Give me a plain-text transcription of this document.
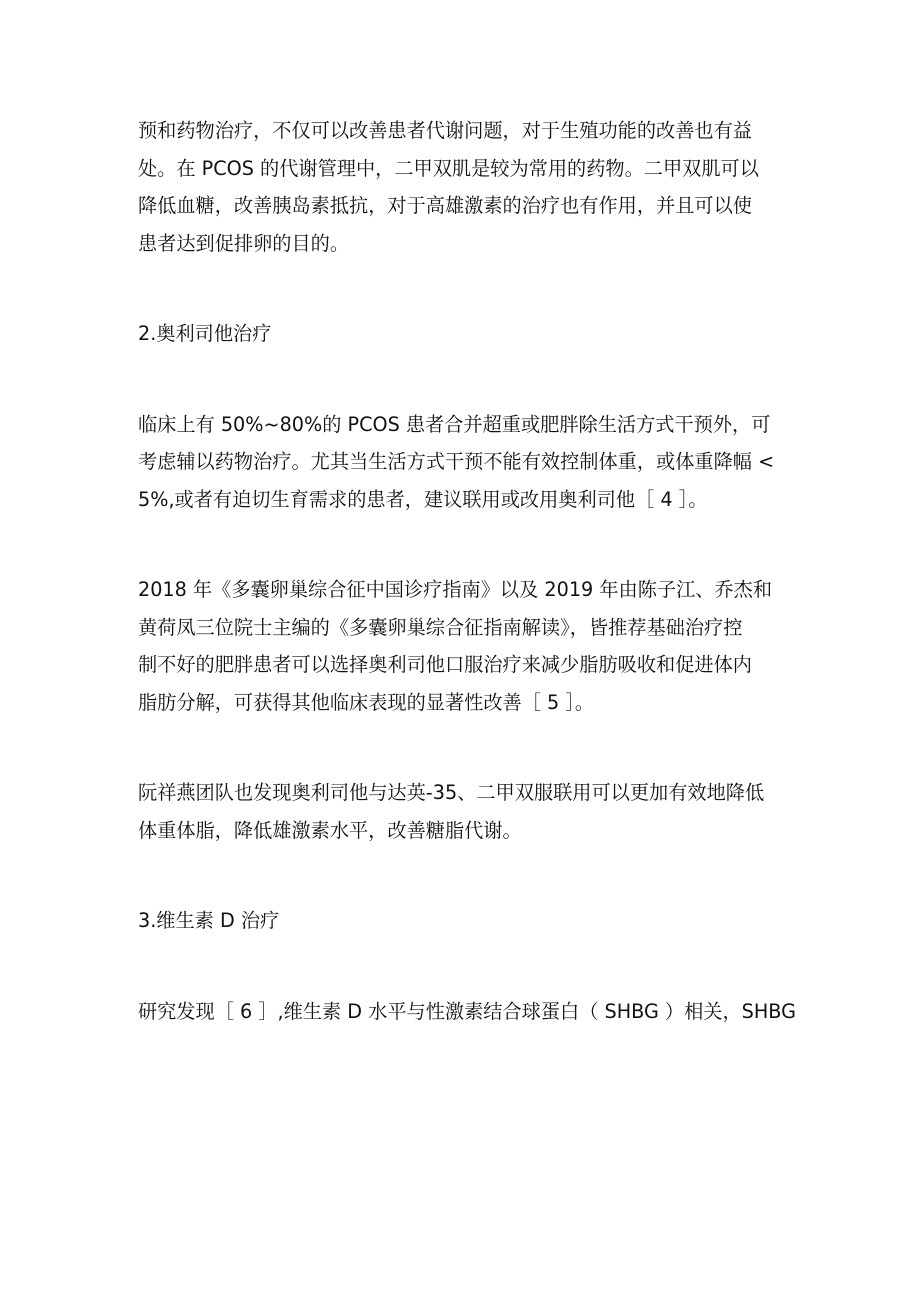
预和药物治疗，不仅可以改善患者代谢问题，对于生殖功能的改善也有益
处。在 PCOS 的代谢管理中，二甲双肌是较为常用的药物。二甲双肌可以
降低血糖，改善胰岛素抵抗，对于高雄激素的治疗也有作用，并且可以使
患者达到促排卵的目的。

2.奥利司他治疗

临床上有 50%~80%的 PCOS 患者合并超重或肥胖除生活方式干预外，可
考虑辅以药物治疗。尤其当生活方式干预不能有效控制体重，或体重降幅 <
5%,或者有迫切生育需求的患者，建议联用或改用奥利司他［ 4 ］。

2018 年《多囊卵巢综合征中国诊疗指南》以及 2019 年由陈子江、乔杰和
黄荷凤三位院士主编的《多囊卵巢综合征指南解读》，皆推荐基础治疗控
制不好的肥胖患者可以选择奥利司他口服治疗来减少脂肪吸收和促进体内
脂肪分解，可获得其他临床表现的显著性改善［ 5 ］。

阮祥燕团队也发现奥利司他与达英-35、二甲双服联用可以更加有效地降低
体重体脂，降低雄激素水平，改善糖脂代谢。

3.维生素 D 治疗

研究发现［ 6 ］,维生素 D 水平与性激素结合球蛋白（ SHBG ）相关，SHBG
